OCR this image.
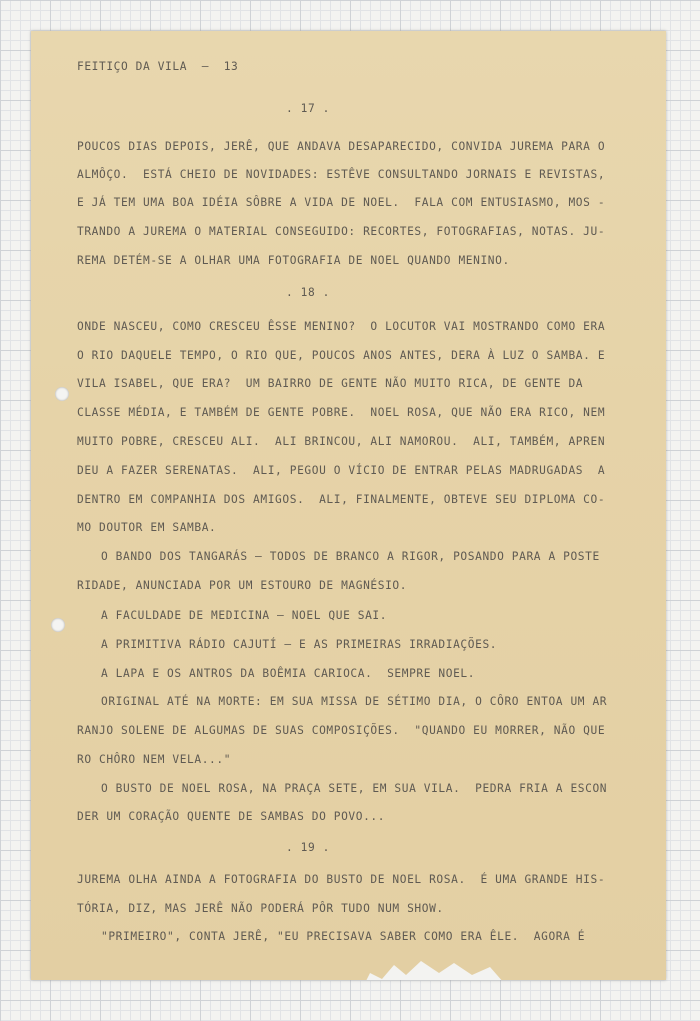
FEITIÇO DA VILA  —  13
. 17 .
POUCOS DIAS DEPOIS, JERÊ, QUE ANDAVA DESAPARECIDO, CONVIDA JUREMA PARA O
ALMÔÇO.  ESTÁ CHEIO DE NOVIDADES: ESTÊVE CONSULTANDO JORNAIS E REVISTAS,
E JÁ TEM UMA BOA IDÉIA SÔBRE A VIDA DE NOEL.  FALA COM ENTUSIASMO, MOS -
TRANDO A JUREMA O MATERIAL CONSEGUIDO: RECORTES, FOTOGRAFIAS, NOTAS. JU-
REMA DETÉM-SE A OLHAR UMA FOTOGRAFIA DE NOEL QUANDO MENINO.
. 18 .
ONDE NASCEU, COMO CRESCEU ÊSSE MENINO?  O LOCUTOR VAI MOSTRANDO COMO ERA
O RIO DAQUELE TEMPO, O RIO QUE, POUCOS ANOS ANTES, DERA À LUZ O SAMBA. E
VILA ISABEL, QUE ERA?  UM BAIRRO DE GENTE NÃO MUITO RICA, DE GENTE DA
CLASSE MÉDIA, E TAMBÉM DE GENTE POBRE.  NOEL ROSA, QUE NÃO ERA RICO, NEM
MUITO POBRE, CRESCEU ALI.  ALI BRINCOU, ALI NAMOROU.  ALI, TAMBÉM, APREN
DEU A FAZER SERENATAS.  ALI, PEGOU O VÍCIO DE ENTRAR PELAS MADRUGADAS  A
DENTRO EM COMPANHIA DOS AMIGOS.  ALI, FINALMENTE, OBTEVE SEU DIPLOMA CO-
MO DOUTOR EM SAMBA.
O BANDO DOS TANGARÁS — TODOS DE BRANCO A RIGOR, POSANDO PARA A POSTE
RIDADE, ANUNCIADA POR UM ESTOURO DE MAGNÉSIO.
A FACULDADE DE MEDICINA — NOEL QUE SAI.
A PRIMITIVA RÁDIO CAJUTÍ — E AS PRIMEIRAS IRRADIAÇÕES.
A LAPA E OS ANTROS DA BOÊMIA CARIOCA.  SEMPRE NOEL.
ORIGINAL ATÉ NA MORTE: EM SUA MISSA DE SÉTIMO DIA, O CÔRO ENTOA UM AR
RANJO SOLENE DE ALGUMAS DE SUAS COMPOSIÇÕES.  "QUANDO EU MORRER, NÃO QUE
RO CHÔRO NEM VELA..."
O BUSTO DE NOEL ROSA, NA PRAÇA SETE, EM SUA VILA.  PEDRA FRIA A ESCON
DER UM CORAÇÃO QUENTE DE SAMBAS DO POVO...
. 19 .
JUREMA OLHA AINDA A FOTOGRAFIA DO BUSTO DE NOEL ROSA.  É UMA GRANDE HIS-
TÓRIA, DIZ, MAS JERÊ NÃO PODERÁ PÔR TUDO NUM SHOW.
"PRIMEIRO", CONTA JERÊ, "EU PRECISAVA SABER COMO ERA ÊLE.  AGORA É
